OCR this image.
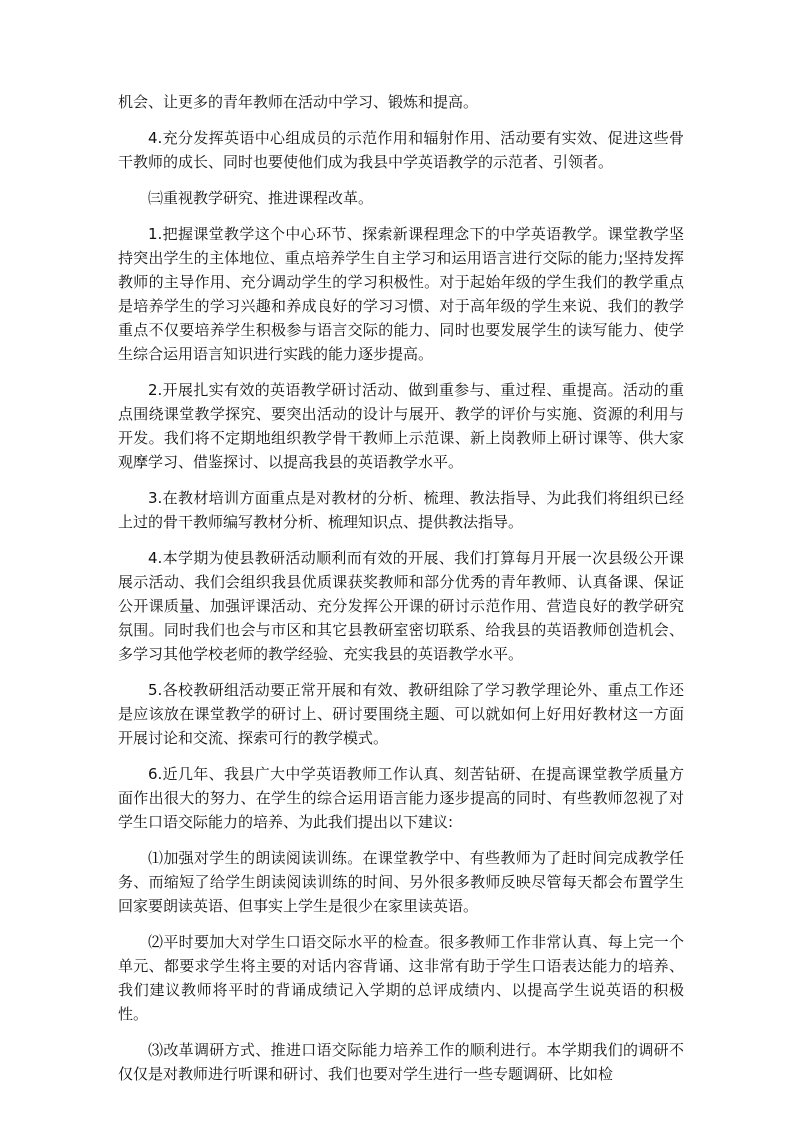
机会、让更多的青年教师在活动中学习、锻炼和提高。

4.充分发挥英语中心组成员的示范作用和辐射作用、活动要有实效、促进这些骨干教师的成长、同时也要使他们成为我县中学英语教学的示范者、引领者。

㈢重视教学研究、推进课程改革。

1.把握课堂教学这个中心环节、探索新课程理念下的中学英语教学。课堂教学坚持突出学生的主体地位、重点培养学生自主学习和运用语言进行交际的能力;坚持发挥教师的主导作用、充分调动学生的学习积极性。对于起始年级的学生我们的教学重点是培养学生的学习兴趣和养成良好的学习习惯、对于高年级的学生来说、我们的教学重点不仅要培养学生积极参与语言交际的能力、同时也要发展学生的读写能力、使学生综合运用语言知识进行实践的能力逐步提高。

2.开展扎实有效的英语教学研讨活动、做到重参与、重过程、重提高。活动的重点围绕课堂教学探究、要突出活动的设计与展开、教学的评价与实施、资源的利用与开发。我们将不定期地组织教学骨干教师上示范课、新上岗教师上研讨课等、供大家观摩学习、借鉴探讨、以提高我县的英语教学水平。

3.在教材培训方面重点是对教材的分析、梳理、教法指导、为此我们将组织已经上过的骨干教师编写教材分析、梳理知识点、提供教法指导。

4.本学期为使县教研活动顺利而有效的开展、我们打算每月开展一次县级公开课展示活动、我们会组织我县优质课获奖教师和部分优秀的青年教师、认真备课、保证公开课质量、加强评课活动、充分发挥公开课的研讨示范作用、营造良好的教学研究氛围。同时我们也会与市区和其它县教研室密切联系、给我县的英语教师创造机会、多学习其他学校老师的教学经验、充实我县的英语教学水平。

5.各校教研组活动要正常开展和有效、教研组除了学习教学理论外、重点工作还是应该放在课堂教学的研讨上、研讨要围绕主题、可以就如何上好用好教材这一方面开展讨论和交流、探索可行的教学模式。

6.近几年、我县广大中学英语教师工作认真、刻苦钻研、在提高课堂教学质量方面作出很大的努力、在学生的综合运用语言能力逐步提高的同时、有些教师忽视了对学生口语交际能力的培养、为此我们提出以下建议:

⑴加强对学生的朗读阅读训练。在课堂教学中、有些教师为了赶时间完成教学任务、而缩短了给学生朗读阅读训练的时间、另外很多教师反映尽管每天都会布置学生回家要朗读英语、但事实上学生是很少在家里读英语。

⑵平时要加大对学生口语交际水平的检查。很多教师工作非常认真、每上完一个单元、都要求学生将主要的对话内容背诵、这非常有助于学生口语表达能力的培养、我们建议教师将平时的背诵成绩记入学期的总评成绩内、以提高学生说英语的积极性。

⑶改革调研方式、推进口语交际能力培养工作的顺利进行。本学期我们的调研不仅仅是对教师进行听课和研讨、我们也要对学生进行一些专题调研、比如检
